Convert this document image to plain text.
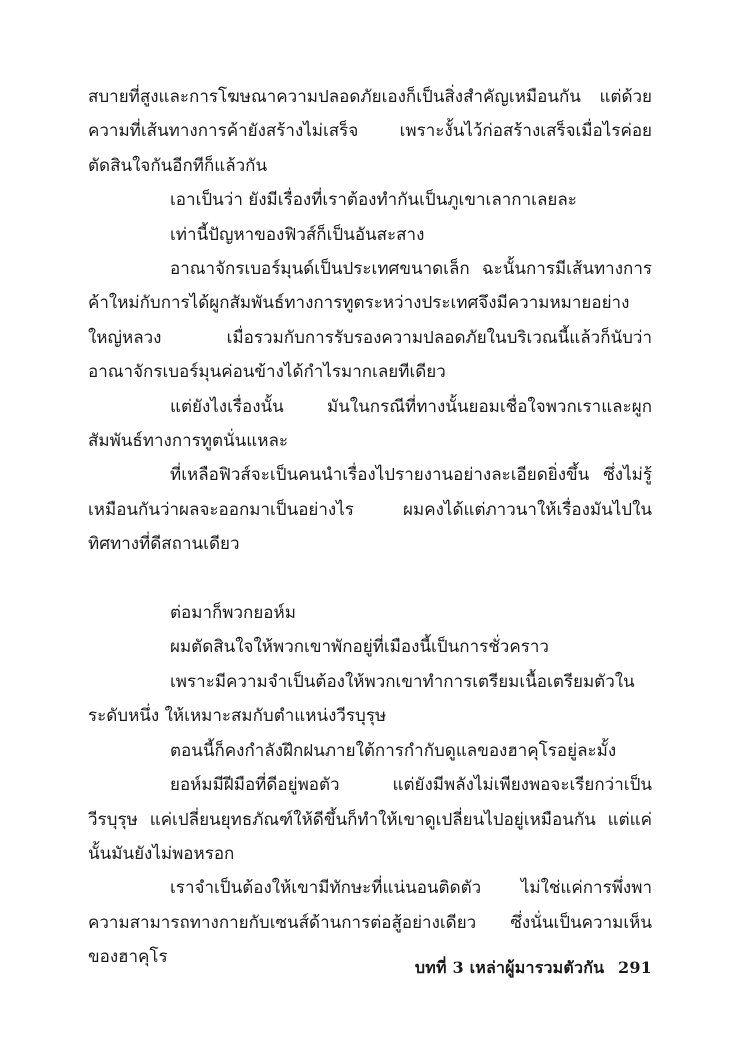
สบายที่สูงและการโฆษณาความปลอดภัยเองก็เป็นสิ่งสำคัญเหมือนกัน แต่ด้วยความที่เส้นทางการค้ายังสร้างไม่เสร็จ เพราะงั้นไว้ก่อสร้างเสร็จเมื่อไรค่อยตัดสินใจกันอีกทีก็แล้วกัน

เอาเป็นว่า ยังมีเรื่องที่เราต้องทำกันเป็นภูเขาเลากาเลยละ

เท่านี้ปัญหาของฟิวส์ก็เป็นอันสะสาง

อาณาจักรเบอร์มุนด์เป็นประเทศขนาดเล็ก ฉะนั้นการมีเส้นทางการค้าใหม่กับการได้ผูกสัมพันธ์ทางการทูตระหว่างประเทศจึงมีความหมายอย่างใหญ่หลวง เมื่อรวมกับการรับรองความปลอดภัยในบริเวณนี้แล้วก็นับว่าอาณาจักรเบอร์มุนค่อนข้างได้กำไรมากเลยทีเดียว

แต่ยังไงเรื่องนั้น มันในกรณีที่ทางนั้นยอมเชื่อใจพวกเราและผูกสัมพันธ์ทางการทูตนั่นแหละ

ที่เหลือฟิวส์จะเป็นคนนำเรื่องไปรายงานอย่างละเอียดยิ่งขึ้น ซึ่งไม่รู้เหมือนกันว่าผลจะออกมาเป็นอย่างไร ผมคงได้แต่ภาวนาให้เรื่องมันไปในทิศทางที่ดีสถานเดียว

ต่อมาก็พวกยอห์ม

ผมตัดสินใจให้พวกเขาพักอยู่ที่เมืองนี้เป็นการชั่วคราว

เพราะมีความจำเป็นต้องให้พวกเขาทำการเตรียมเนื้อเตรียมตัวในระดับหนึ่ง ให้เหมาะสมกับตำแหน่งวีรบุรุษ

ตอนนี้ก็คงกำลังฝึกฝนภายใต้การกำกับดูแลของฮาคุโรอยู่ละมั้ง

ยอห์มมีฝีมือที่ดีอยู่พอตัว แต่ยังมีพลังไม่เพียงพอจะเรียกว่าเป็นวีรบุรุษ แค่เปลี่ยนยุทธภัณฑ์ให้ดีขึ้นก็ทำให้เขาดูเปลี่ยนไปอยู่เหมือนกัน แต่แค่นั้นมันยังไม่พอหรอก

เราจำเป็นต้องให้เขามีทักษะที่แน่นอนติดตัว ไม่ใช่แค่การพึ่งพาความสามารถทางกายกับเซนส์ด้านการต่อสู้อย่างเดียว ซึ่งนั่นเป็นความเห็นของฮาคุโร

บทที่ 3 เหล่าผู้มารวมตัวกัน 291
